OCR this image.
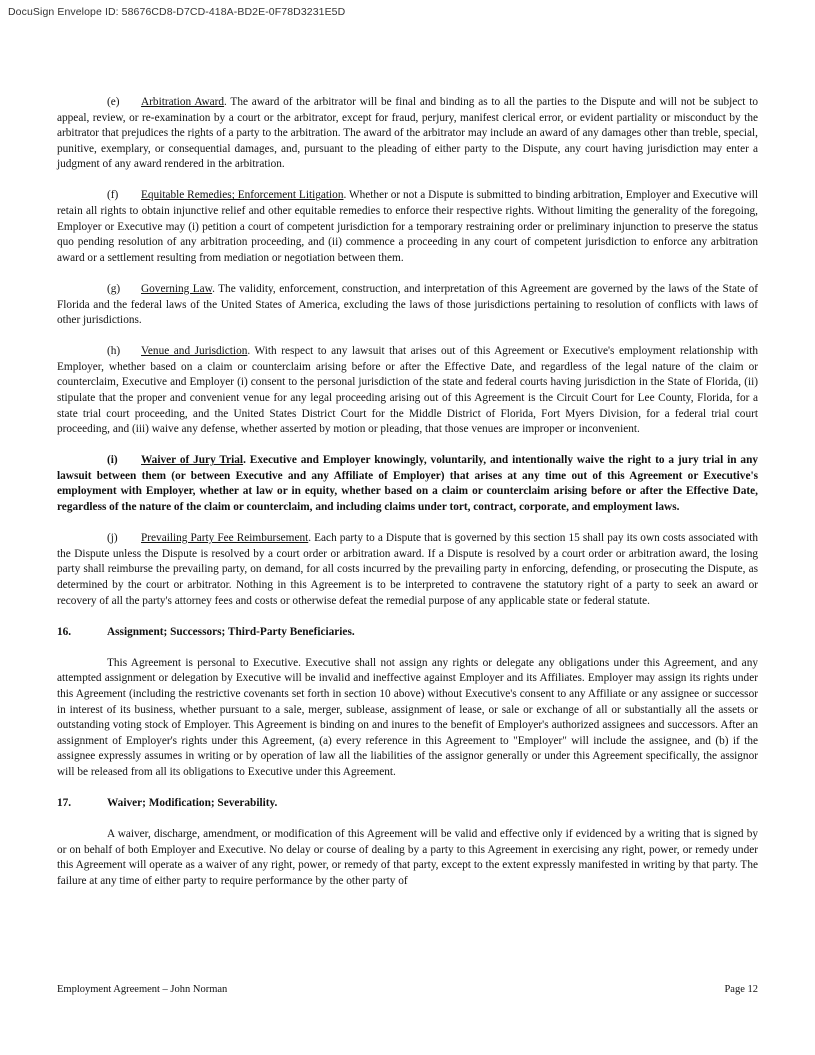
DocuSign Envelope ID: 58676CD8-D7CD-418A-BD2E-0F78D3231E5D

(e) Arbitration Award. The award of the arbitrator will be final and binding as to all the parties to the Dispute and will not be subject to appeal, review, or re-examination by a court or the arbitrator, except for fraud, perjury, manifest clerical error, or evident partiality or misconduct by the arbitrator that prejudices the rights of a party to the arbitration. The award of the arbitrator may include an award of any damages other than treble, special, punitive, exemplary, or consequential damages, and, pursuant to the pleading of either party to the Dispute, any court having jurisdiction may enter a judgment of any award rendered in the arbitration.

(f) Equitable Remedies; Enforcement Litigation. Whether or not a Dispute is submitted to binding arbitration, Employer and Executive will retain all rights to obtain injunctive relief and other equitable remedies to enforce their respective rights. Without limiting the generality of the foregoing, Employer or Executive may (i) petition a court of competent jurisdiction for a temporary restraining order or preliminary injunction to preserve the status quo pending resolution of any arbitration proceeding, and (ii) commence a proceeding in any court of competent jurisdiction to enforce any arbitration award or a settlement resulting from mediation or negotiation between them.

(g) Governing Law. The validity, enforcement, construction, and interpretation of this Agreement are governed by the laws of the State of Florida and the federal laws of the United States of America, excluding the laws of those jurisdictions pertaining to resolution of conflicts with laws of other jurisdictions.

(h) Venue and Jurisdiction. With respect to any lawsuit that arises out of this Agreement or Executive's employment relationship with Employer, whether based on a claim or counterclaim arising before or after the Effective Date, and regardless of the legal nature of the claim or counterclaim, Executive and Employer (i) consent to the personal jurisdiction of the state and federal courts having jurisdiction in the State of Florida, (ii) stipulate that the proper and convenient venue for any legal proceeding arising out of this Agreement is the Circuit Court for Lee County, Florida, for a state trial court proceeding, and the United States District Court for the Middle District of Florida, Fort Myers Division, for a federal trial court proceeding, and (iii) waive any defense, whether asserted by motion or pleading, that those venues are improper or inconvenient.

(i) Waiver of Jury Trial. Executive and Employer knowingly, voluntarily, and intentionally waive the right to a jury trial in any lawsuit between them (or between Executive and any Affiliate of Employer) that arises at any time out of this Agreement or Executive's employment with Employer, whether at law or in equity, whether based on a claim or counterclaim arising before or after the Effective Date, regardless of the nature of the claim or counterclaim, and including claims under tort, contract, corporate, and employment laws.

(j) Prevailing Party Fee Reimbursement. Each party to a Dispute that is governed by this section 15 shall pay its own costs associated with the Dispute unless the Dispute is resolved by a court order or arbitration award. If a Dispute is resolved by a court order or arbitration award, the losing party shall reimburse the prevailing party, on demand, for all costs incurred by the prevailing party in enforcing, defending, or prosecuting the Dispute, as determined by the court or arbitrator. Nothing in this Agreement is to be interpreted to contravene the statutory right of a party to seek an award or recovery of all the party's attorney fees and costs or otherwise defeat the remedial purpose of any applicable state or federal statute.

16.	Assignment; Successors; Third-Party Beneficiaries.

This Agreement is personal to Executive. Executive shall not assign any rights or delegate any obligations under this Agreement, and any attempted assignment or delegation by Executive will be invalid and ineffective against Employer and its Affiliates. Employer may assign its rights under this Agreement (including the restrictive covenants set forth in section 10 above) without Executive's consent to any Affiliate or any assignee or successor in interest of its business, whether pursuant to a sale, merger, sublease, assignment of lease, or sale or exchange of all or substantially all the assets or outstanding voting stock of Employer. This Agreement is binding on and inures to the benefit of Employer's authorized assignees and successors. After an assignment of Employer's rights under this Agreement, (a) every reference in this Agreement to "Employer" will include the assignee, and (b) if the assignee expressly assumes in writing or by operation of law all the liabilities of the assignor generally or under this Agreement specifically, the assignor will be released from all its obligations to Executive under this Agreement.

17.	Waiver; Modification; Severability.

A waiver, discharge, amendment, or modification of this Agreement will be valid and effective only if evidenced by a writing that is signed by or on behalf of both Employer and Executive. No delay or course of dealing by a party to this Agreement in exercising any right, power, or remedy under this Agreement will operate as a waiver of any right, power, or remedy of that party, except to the extent expressly manifested in writing by that party. The failure at any time of either party to require performance by the other party of

Employment Agreement – John Norman	Page 12
